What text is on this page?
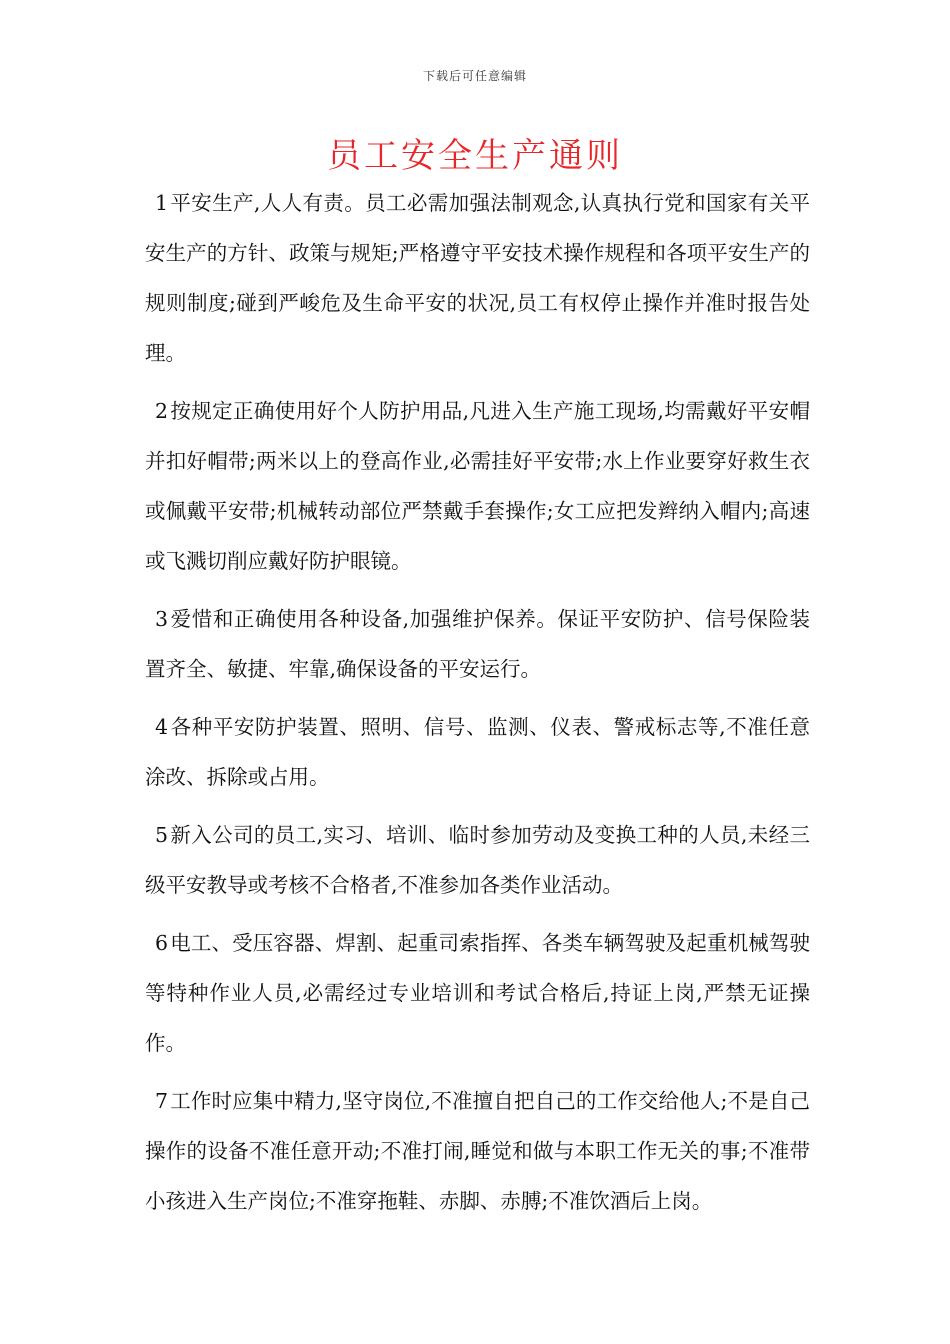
下载后可任意编辑
员工安全生产通则

1平安生产,人人有责。员工必需加强法制观念,认真执行党和国家有关平安生产的方针、政策与规矩;严格遵守平安技术操作规程和各项平安生产的规则制度;碰到严峻危及生命平安的状况,员工有权停止操作并准时报告处理。

2按规定正确使用好个人防护用品,凡进入生产施工现场,均需戴好平安帽并扣好帽带;两米以上的登高作业,必需挂好平安带;水上作业要穿好救生衣或佩戴平安带;机械转动部位严禁戴手套操作;女工应把发辫纳入帽内;高速或飞溅切削应戴好防护眼镜。

3爱惜和正确使用各种设备,加强维护保养。保证平安防护、信号保险装置齐全、敏捷、牢靠,确保设备的平安运行。

4各种平安防护装置、照明、信号、监测、仪表、警戒标志等,不准任意涂改、拆除或占用。

5新入公司的员工,实习、培训、临时参加劳动及变换工种的人员,未经三级平安教导或考核不合格者,不准参加各类作业活动。

6电工、受压容器、焊割、起重司索指挥、各类车辆驾驶及起重机械驾驶等特种作业人员,必需经过专业培训和考试合格后,持证上岗,严禁无证操作。

7工作时应集中精力,坚守岗位,不准擅自把自己的工作交给他人;不是自己操作的设备不准任意开动;不准打闹,睡觉和做与本职工作无关的事;不准带小孩进入生产岗位;不准穿拖鞋、赤脚、赤膊;不准饮酒后上岗。
